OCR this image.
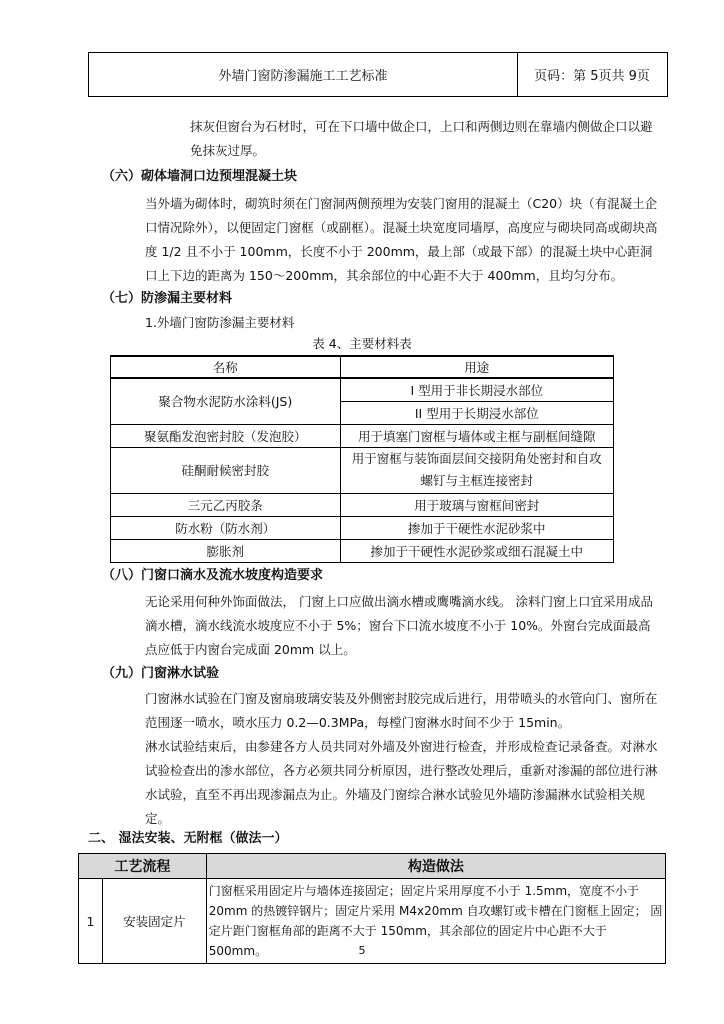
外墙门窗防渗漏施工工艺标准	页码：第 5页共 9页

抹灰但窗台为石材时，可在下口墙中做企口，上口和两侧边则在靠墙内侧做企口以避免抹灰过厚。

（六）砌体墙洞口边预埋混凝土块

当外墙为砌体时，砌筑时须在门窗洞两侧预埋为安装门窗用的混凝土（C20）块（有混凝土企口情况除外），以便固定门窗框（或副框）。混凝土块宽度同墙厚，高度应与砌块同高或砌块高度 1/2 且不小于 100mm，长度不小于 200mm，最上部（或最下部）的混凝土块中心距洞口上下边的距离为 150～200mm，其余部位的中心距不大于 400mm，且均匀分布。

（七）防渗漏主要材料

1.外墙门窗防渗漏主要材料

表 4、主要材料表

名称	用途
聚合物水泥防水涂料(JS)	I 型用于非长期浸水部位
	II 型用于长期浸水部位
聚氨酯发泡密封胶（发泡胶）	用于填塞门窗框与墙体或主框与副框间缝隙
硅酮耐候密封胶	用于窗框与装饰面层间交接阴角处密封和自攻螺钉与主框连接密封
三元乙丙胶条	用于玻璃与窗框间密封
防水粉（防水剂）	掺加于干硬性水泥砂浆中
膨胀剂	掺加于干硬性水泥砂浆或细石混凝土中

（八）门窗口滴水及流水坡度构造要求

无论采用何种外饰面做法， 门窗上口应做出滴水槽或鹰嘴滴水线。 涂料门窗上口宜采用成品滴水槽，滴水线流水坡度应不小于 5%；窗台下口流水坡度不小于 10%。外窗台完成面最高点应低于内窗台完成面 20mm 以上。

（九）门窗淋水试验

门窗淋水试验在门窗及窗扇玻璃安装及外侧密封胶完成后进行，用带喷头的水管向门、窗所在范围逐一喷水，喷水压力 0.2—0.3MPa，每樘门窗淋水时间不少于 15min。

淋水试验结束后，由参建各方人员共同对外墙及外窗进行检查，并形成检查记录备查。对淋水试验检查出的渗水部位，各方必须共同分析原因，进行整改处理后，重新对渗漏的部位进行淋水试验，直至不再出现渗漏点为止。外墙及门窗综合淋水试验见外墙防渗漏淋水试验相关规定。

二、 湿法安装、无附框（做法一）

工艺流程		构造做法
1	安装固定片	门窗框采用固定片与墙体连接固定；固定片采用厚度不小于 1.5mm，宽度不小于 20mm 的热镀锌钢片；固定片采用 M4x20mm 自攻螺钉或卡槽在门窗框上固定； 固定片距门窗框角部的距离不大于 150mm，其余部位的固定片中心距不大于 500mm。	5
